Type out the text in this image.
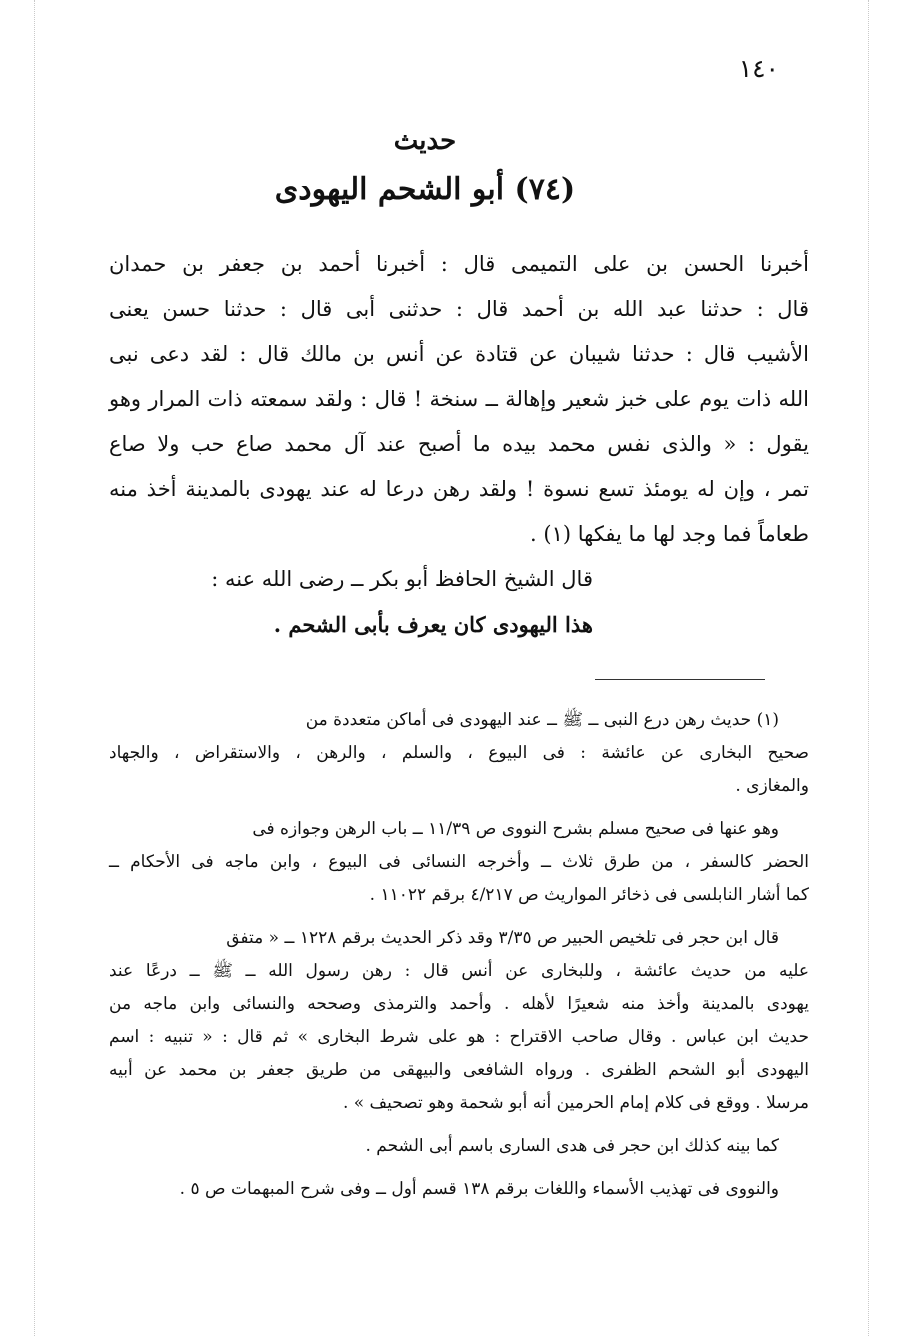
١٤٠
حديث
(٧٤) أبو الشحم اليهودى
أخبرنا الحسن بن على التميمى قال : أخبرنا أحمد بن جعفر بن حمدان
قال : حدثنا عبد الله بن أحمد قال : حدثنى أبى قال : حدثنا حسن يعنى
الأشيب قال : حدثنا شيبان عن قتادة عن أنس بن مالك قال : لقد دعى نبى
الله ذات يوم على خبز شعير وإهالة ــ سنخة ! قال : ولقد سمعته ذات المرار وهو
يقول : « والذى نفس محمد بيده ما أصبح عند آل محمد صاع حب ولا صاع
تمر ، وإن له يومئذ تسع نسوة ! ولقد رهن درعا له عند يهودى بالمدينة أخذ منه
طعاماً فما وجد لها ما يفكها (١) .
قال الشيخ الحافظ أبو بكر ــ رضى الله عنه :
هذا اليهودى كان يعرف بأبى الشحم .
(١) حديث رهن درع النبى ــ ﷺ ــ عند اليهودى فى أماكن متعددة من
صحيح البخارى عن عائشة : فى البيوع ، والسلم ، والرهن ، والاستقراض ، والجهاد
والمغازى .
وهو عنها فى صحيح مسلم بشرح النووى ص ١١/٣٩ ــ باب الرهن وجوازه فى
الحضر كالسفر ، من طرق ثلاث ــ وأخرجه النسائى فى البيوع ، وابن ماجه فى الأحكام ــ
كما أشار النابلسى فى ذخائر المواريث ص ٤/٢١٧ برقم ١١٠٢٢ .
قال ابن حجر فى تلخيص الحبير ص ٣/٣٥ وقد ذكر الحديث برقم ١٢٢٨ ــ « متفق
عليه من حديث عائشة ، وللبخارى عن أنس قال : رهن رسول الله ــ ﷺ ــ درعًا عند
يهودى بالمدينة وأخذ منه شعيرًا لأهله . وأحمد والترمذى وصححه والنسائى وابن ماجه من
حديث ابن عباس . وقال صاحب الاقتراح : هو على شرط البخارى » ثم قال : « تنبيه : اسم
اليهودى أبو الشحم الظفرى . ورواه الشافعى والبيهقى من طريق جعفر بن محمد عن أبيه
مرسلا . ووقع فى كلام إمام الحرمين أنه أبو شحمة وهو تصحيف » .
كما بينه كذلك ابن حجر فى هدى السارى باسم أبى الشحم .
والنووى فى تهذيب الأسماء واللغات برقم ١٣٨ قسم أول ــ وفى شرح المبهمات ص ٥ .
